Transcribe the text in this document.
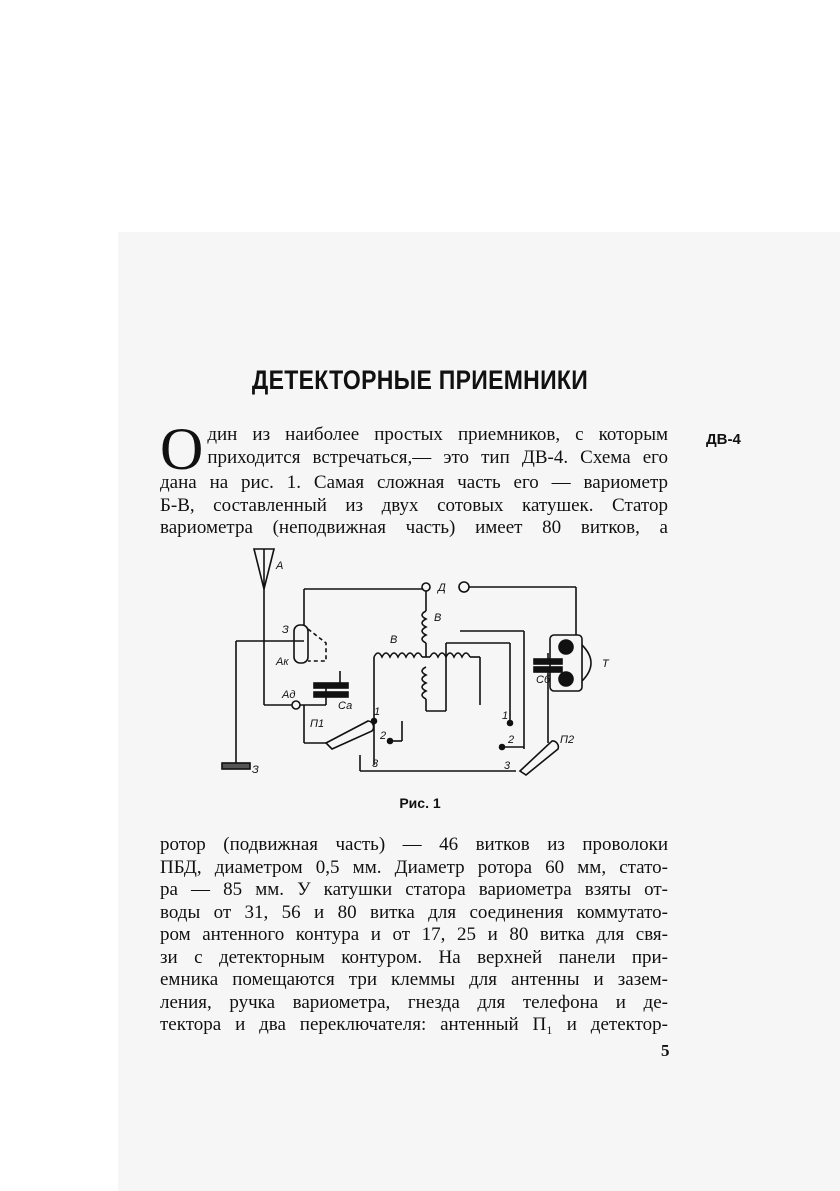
ДЕТЕКТОРНЫЕ ПРИЕМНИКИ
ДВ-4
О дин из наиболее простых приемников, с которым
приходится встречаться,— это тип ДВ-4. Схема его
дана на рис. 1. Самая сложная часть его — вариометр
Б-В, составленный из двух сотовых катушек. Статор
вариометра (неподвижная часть) имеет 80 витков, а
А
З
Д
З
Ак
Ад
Са
В
В
Сб
Т
П1
1
2
3
П2
1
2
3
Рис. 1
ротор (подвижная часть) — 46 витков из проволоки
ПБД, диаметром 0,5 мм. Диаметр ротора 60 мм, стато-
ра — 85 мм. У катушки статора вариометра взяты от-
воды от 31, 56 и 80 витка для соединения коммутато-
ром антенного контура и от 17, 25 и 80 витка для свя-
зи с детекторным контуром. На верхней панели при-
емника помещаются три клеммы для антенны и зазем-
ления, ручка вариометра, гнезда для телефона и де-
тектора и два переключателя: антенный П₁ и детектор-
5
